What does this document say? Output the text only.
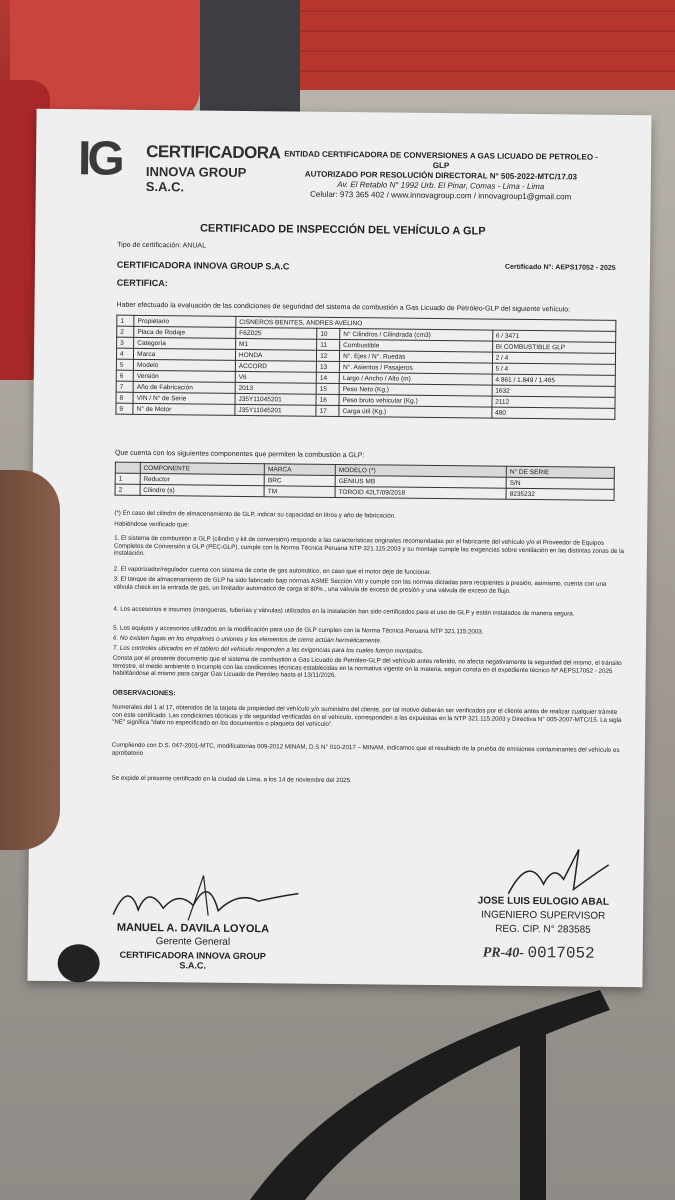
IG CERTIFICADORA
INNOVA GROUP S.A.C.
ENTIDAD CERTIFICADORA DE CONVERSIONES A GAS LICUADO DE PETROLEO - GLP
AUTORIZADO POR RESOLUCIÓN DIRECTORAL N° 505-2022-MTC/17.03
Av. El Retablo N° 1992 Urb. El Pinar, Comas - Lima - Lima
Celular: 973 365 402 / www.innovagroup.com / innovagroup1@gmail.com
CERTIFICADO DE INSPECCIÓN DEL VEHÍCULO A GLP
Tipo de certificación: ANUAL
CERTIFICADORA INNOVA GROUP S.A.C	Certificado N°: AEPS17052 - 2025
CERTIFICA:
Haber efectuado la evaluación de las condiciones de seguridad del sistema de combustión a Gas Licuado de Petróleo-GLP del siguiente vehículo:
1	Propietario	CISNEROS BENITES, ANDRES AVELINO			
2	Placa de Rodaje	F6Z025	10	N° Cilindros / Cilindrada (cm3)	6 / 3471
3	Categoría	M1	11	Combustible	BI COMBUSTIBLE GLP
4	Marca	HONDA	12	N°. Ejes / N°. Ruedas	2 / 4
5	Modelo	ACCORD	13	N°. Asientos / Pasajeros	5 / 4
6	Versión	V6	14	Largo / Ancho / Alto (m)	4.861 / 1.849 / 1.465
7	Año de Fabricación	2013	15	Peso Neto (Kg.)	1632
8	VIN / N° de Serie	J35Y11045201	16	Peso bruto vehicular (Kg.)	2112
9	N° de Motor	J35Y11045201	17	Carga útil (Kg.)	480
Que cuenta con los siguientes componentes que permiten la combustión a GLP:
	COMPONENTE	MARCA	MODELO (*)	N° DE SERIE
1	Reductor	BRC	GENIUS MB	S/N
2	Cilindro (s)	TM	TOROID 42LT/09/2018	8235232
(*) En caso del cilindro de almacenamiento de GLP, indicar su capacidad en litros y año de fabricación.
Habiéndose verificado que:
1. El sistema de combustión a GLP (cilindro y kit de conversión) responde a las características originales recomendadas por el fabricante del vehículo y/o el Proveedor de Equipos Completos de Conversión a GLP (PEC-GLP), cumple con la Norma Técnica Peruana NTP 321.115:2003 y su montaje cumple las exigencias sobre ventilación en las distintas zonas de la instalación.
2. El vaporizador/regulador cuenta con sistema de corte de gas automático, en caso que el motor deje de funcionar.
3. El tanque de almacenamiento de GLP ha sido fabricado bajo normas ASME Sección VIII y cumple con las normas dictadas para recipientes a presión, asimismo, cuenta con una válvula check en la entrada de gas, un limitador automático de carga al 80%., una válvula de exceso de presión y una válvula de exceso de flujo.
4. Los accesorios e insumos (mangueras, tuberías y válvulas) utilizados en la instalación han sido certificados para el uso de GLP y están instalados de manera segura.
5. Los equipos y accesorios utilizados en la modificación para uso de GLP cumplen con la Norma Técnica Peruana NTP 321.115:2003.
6. No existen fugas en los empalmes o uniones y los elementos de cierre actúan herméticamente.
7. Los controles ubicados en el tablero del vehículo responden a las exigencias para los cuales fueron montados.
Consta por el presente documento que el sistema de combustión a Gas Licuado de Petróleo-GLP del vehículo antes referido, no afecta negativamente la seguridad del mismo, el tránsito terrestre, el medio ambiente o incumple con las condiciones técnicas establecidas en la normativa vigente en la materia, según consta en el expediente técnico Nº AEPS17052 - 2025 habilitándose al mismo para cargar Gas Licuado de Petróleo hasta el 13/11/2026.
OBSERVACIONES:
Numerales del 1 al 17, obtenidos de la tarjeta de propiedad del vehículo y/o suministro del cliente, por tal motivo deberán ser verificados por el cliente antes de realizar cualquier trámite con este certificado. Las condiciones técnicas y de seguridad verificadas en el vehículo, corresponden a las expuestas en la NTP 321.115:2003 y Directiva N° 005-2007-MTC/15. La sigla "NE" significa "dato no especificado en los documentos o plaqueta del vehículo".
Cumpliendo con D.S. 047-2001-MTC, modificatorias 009-2012 MINAM, D.S N° 010-2017 – MINAM, indicamos que el resultado de la prueba de emisiones contaminantes del vehículo es aprobatorio
Se expide el presente certificado en la ciudad de Lima, a los 14 de noviembre del 2025.
MANUEL A. DAVILA LOYOLA
Gerente General
CERTIFICADORA INNOVA GROUP S.A.C.
JOSE LUIS EULOGIO ABAL
INGENIERO SUPERVISOR
REG. CIP. N° 283585
PR-40- 0017052
